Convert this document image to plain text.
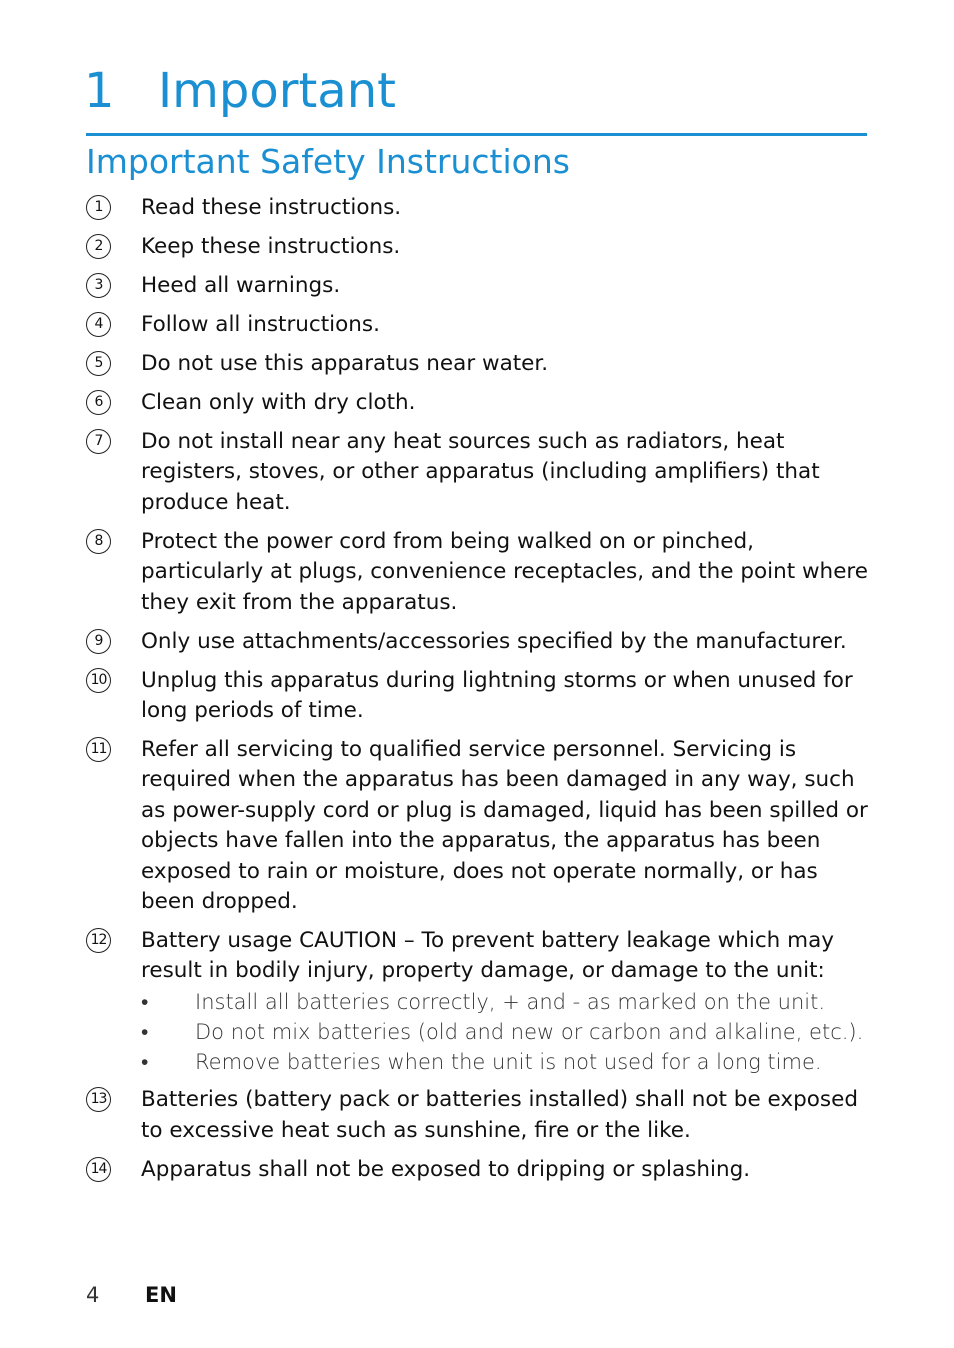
1 Important
Important Safety Instructions
1	Read these instructions.
2	Keep these instructions.
3	Heed all warnings.
4	Follow all instructions.
5	Do not use this apparatus near water.
6	Clean only with dry cloth.
7	Do not install near any heat sources such as radiators, heat registers, stoves, or other apparatus (including amplifiers) that produce heat.
8	Protect the power cord from being walked on or pinched, particularly at plugs, convenience receptacles, and the point where they exit from the apparatus.
9	Only use attachments/accessories specified by the manufacturer.
10 Unplug this apparatus during lightning storms or when unused for long periods of time.
11 Refer all servicing to qualified service personnel. Servicing is required when the apparatus has been damaged in any way, such as power-supply cord or plug is damaged, liquid has been spilled or objects have fallen into the apparatus, the apparatus has been exposed to rain or moisture, does not operate normally, or has been dropped.
12 Battery usage CAUTION – To prevent battery leakage which may result in bodily injury, property damage, or damage to the unit:
• Install all batteries correctly, + and - as marked on the unit.
• Do not mix batteries (old and new or carbon and alkaline, etc.).
• Remove batteries when the unit is not used for a long time.
13 Batteries (battery pack or batteries installed) shall not be exposed to excessive heat such as sunshine, fire or the like.
14 Apparatus shall not be exposed to dripping or splashing.
4 EN
